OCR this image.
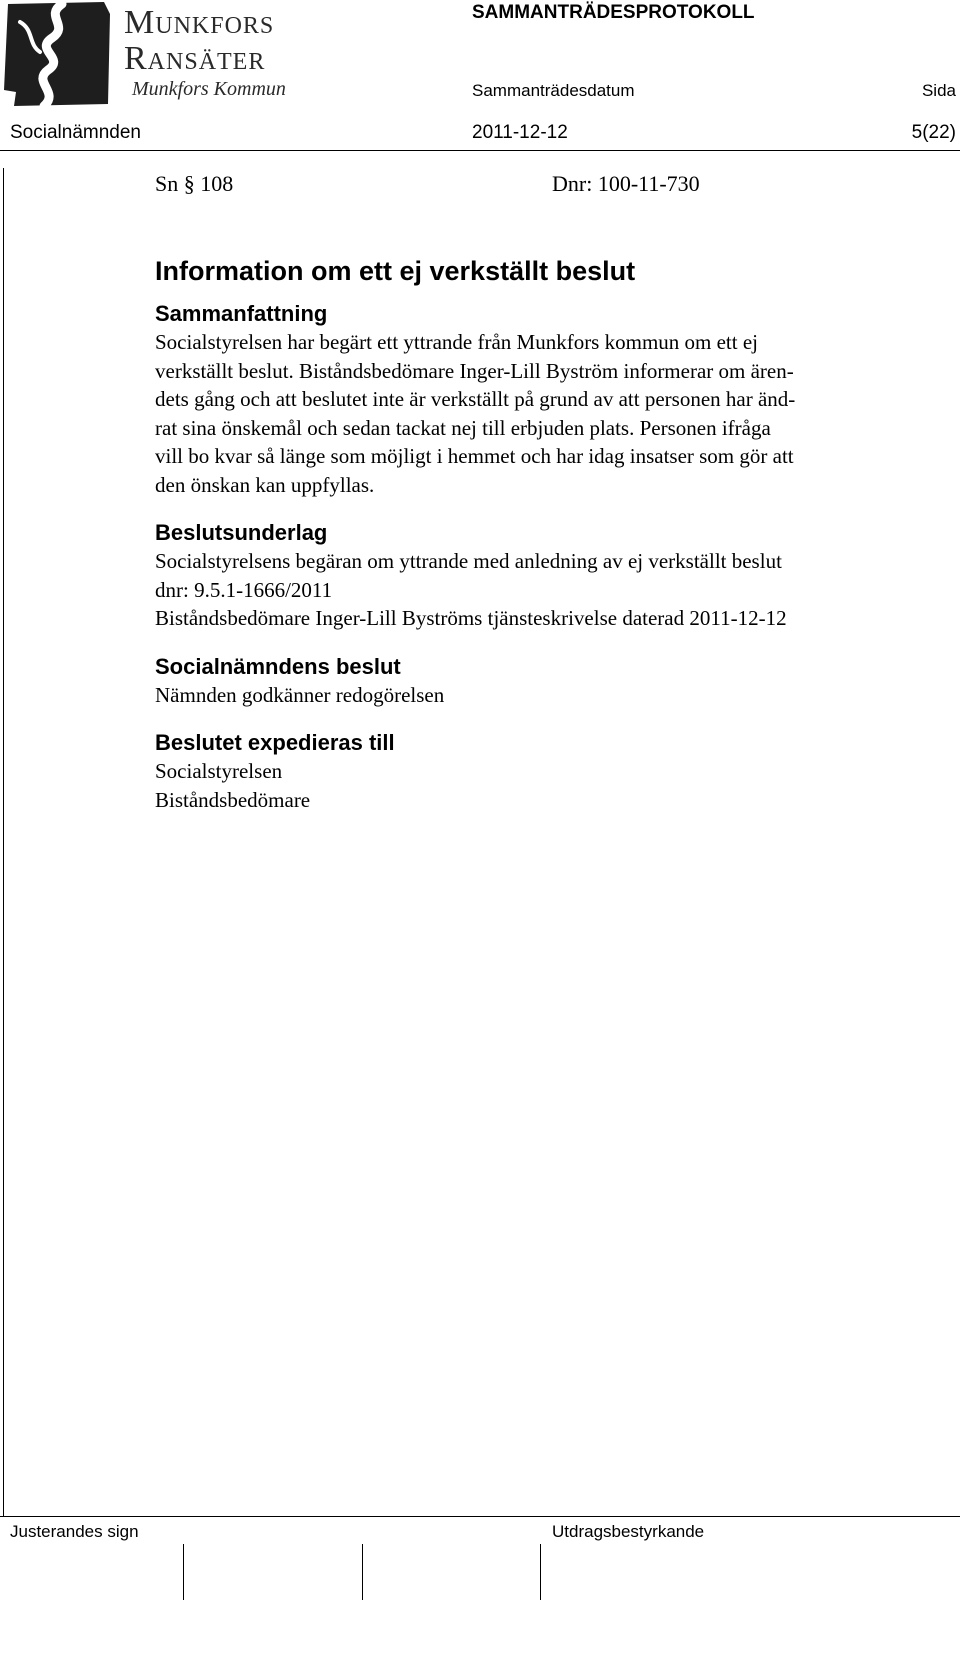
Munkfors
Ransäter
Munkfors Kommun
SAMMANTRÄDESPROTOKOLL
Sammanträdesdatum	Sida
Socialnämnden	2011-12-12	5(22)
Sn § 108	Dnr: 100-11-730
Information om ett ej verkställt beslut
Sammanfattning

Socialstyrelsen har begärt ett yttrande från Munkfors kommun om ett ej
verkställt beslut. Biståndsbedömare Inger-Lill Byström informerar om ären-
dets gång och att beslutet inte är verkställt på grund av att personen har änd-
rat sina önskemål och sedan tackat nej till erbjuden plats. Personen ifråga
vill bo kvar så länge som möjligt i hemmet och har idag insatser som gör att
den önskan kan uppfyllas.

Beslutsunderlag

Socialstyrelsens begäran om yttrande med anledning av ej verkställt beslut

dnr: 9.5.1-1666/2011

Biståndsbedömare Inger-Lill Byströms tjänsteskrivelse daterad 2011-12-12

Socialnämndens beslut

Nämnden godkänner redogörelsen

Beslutet expedieras till

Socialstyrelsen

Biståndsbedömare

Justerandes sign	Utdragsbestyrkande
